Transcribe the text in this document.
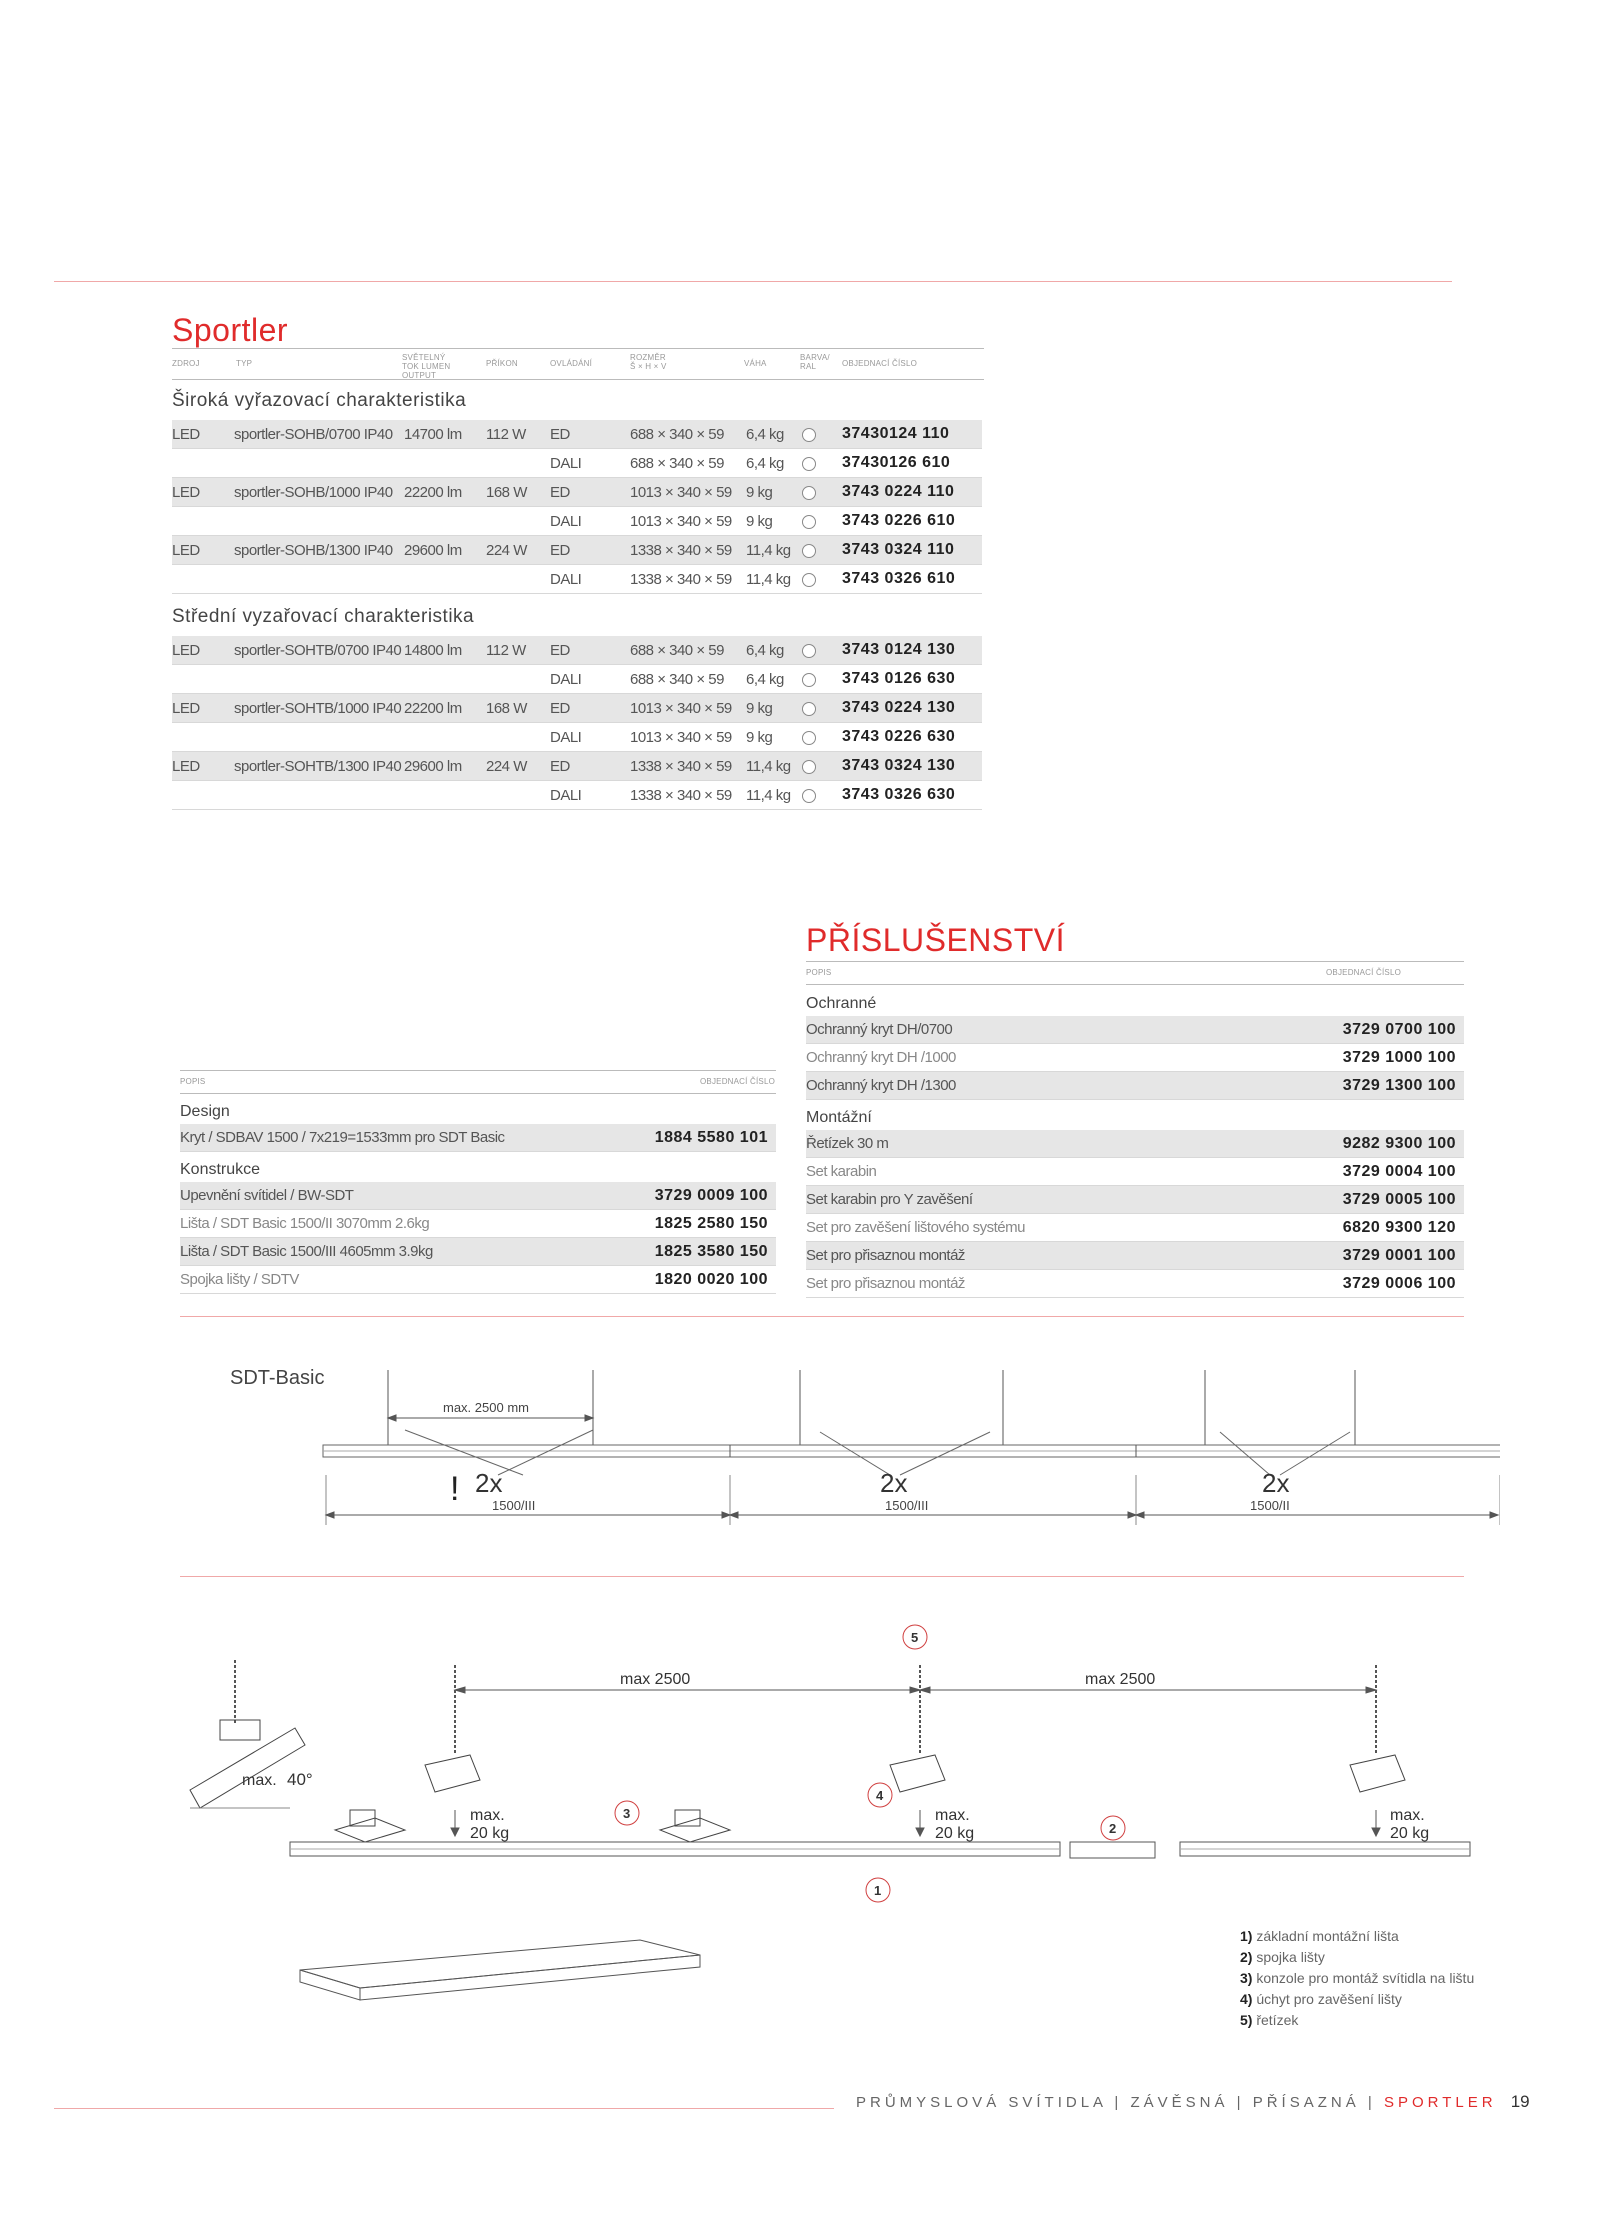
Sportler
ZDROJ	TYP
SVĚTELNÝ TOK LUMEN OUTPUT
PŘÍKON	OVLÁDÁNÍ
ROZMĚR Š × H × V	VÁHA
BARVA/ RAL	OBJEDNACÍ ČÍSLO
Široká vyřazovací charakteristika
LED	sportler-SOHB/0700 IP40	14700 lm	112 W	ED	688 × 340 × 59	6,4 kg		37430124 110
				DALI	688 × 340 × 59	6,4 kg		37430126 610
LED	sportler-SOHB/1000 IP40	22200 lm	168 W	ED	1013 × 340 × 59	9 kg		3743 0224 110
				DALI	1013 × 340 × 59	9 kg		3743 0226 610
LED	sportler-SOHB/1300 IP40	29600 lm	224 W	ED	1338 × 340 × 59	11,4 kg		3743 0324 110
				DALI	1338 × 340 × 59	11,4 kg		3743 0326 610
Střední vyzařovací charakteristika
LED	sportler-SOHTB/0700 IP40	14800 lm	112 W	ED	688 × 340 × 59	6,4 kg		3743 0124 130
				DALI	688 × 340 × 59	6,4 kg		3743 0126 630
LED	sportler-SOHTB/1000 IP40	22200 lm	168 W	ED	1013 × 340 × 59	9 kg		3743 0224 130
				DALI	1013 × 340 × 59	9 kg		3743 0226 630
LED	sportler-SOHTB/1300 IP40	29600 lm	224 W	ED	1338 × 340 × 59	11,4 kg		3743 0324 130
				DALI	1338 × 340 × 59	11,4 kg		3743 0326 630
PŘÍSLUŠENSTVÍ
POPIS	OBJEDNACÍ ČÍSLO
Ochranné
Ochranný kryt DH/0700	3729 0700 100
Ochranný kryt DH /1000	3729 1000 100
Ochranný kryt DH /1300	3729 1300 100
Montážní
Řetízek 30 m	9282 9300 100
Set karabin	3729 0004 100
Set karabin pro Y zavěšení	3729 0005 100
Set pro zavěšení lištového systému	6820 9300 120
Set pro přisaznou montáž	3729 0001 100
Set pro přisaznou montáž	3729 0006 100
POPIS	OBJEDNACÍ ČÍSLO
Design
Kryt / SDBAV 1500 / 7x219=1533mm pro SDT Basic	1884 5580 101
Konstrukce
Upevnění svítidel / BW-SDT	3729 0009 100
Lišta / SDT Basic 1500/II 3070mm 2.6kg	1825 2580 150
Lišta / SDT Basic 1500/III 4605mm 3.9kg	1825 3580 150
Spojka lišty / SDTV	1820 0020 100
SDT-Basic
max. 2500 mm
! 2x	2x	2x
1500/III	1500/III	1500/II
max 2500	max 2500
max. 40°
max.
20 kg
max.
20 kg
max.
20 kg
5
3
4
2
1
1) základní montážní lišta
2) spojka lišty
3) konzole pro montáž svítidla na lištu
4) úchyt pro zavěšení lišty
5) řetízek
PRŮMYSLOVÁ SVÍTIDLA | ZÁVĚSNÁ | PŘÍSAZNÁ | SPORTLER 19
